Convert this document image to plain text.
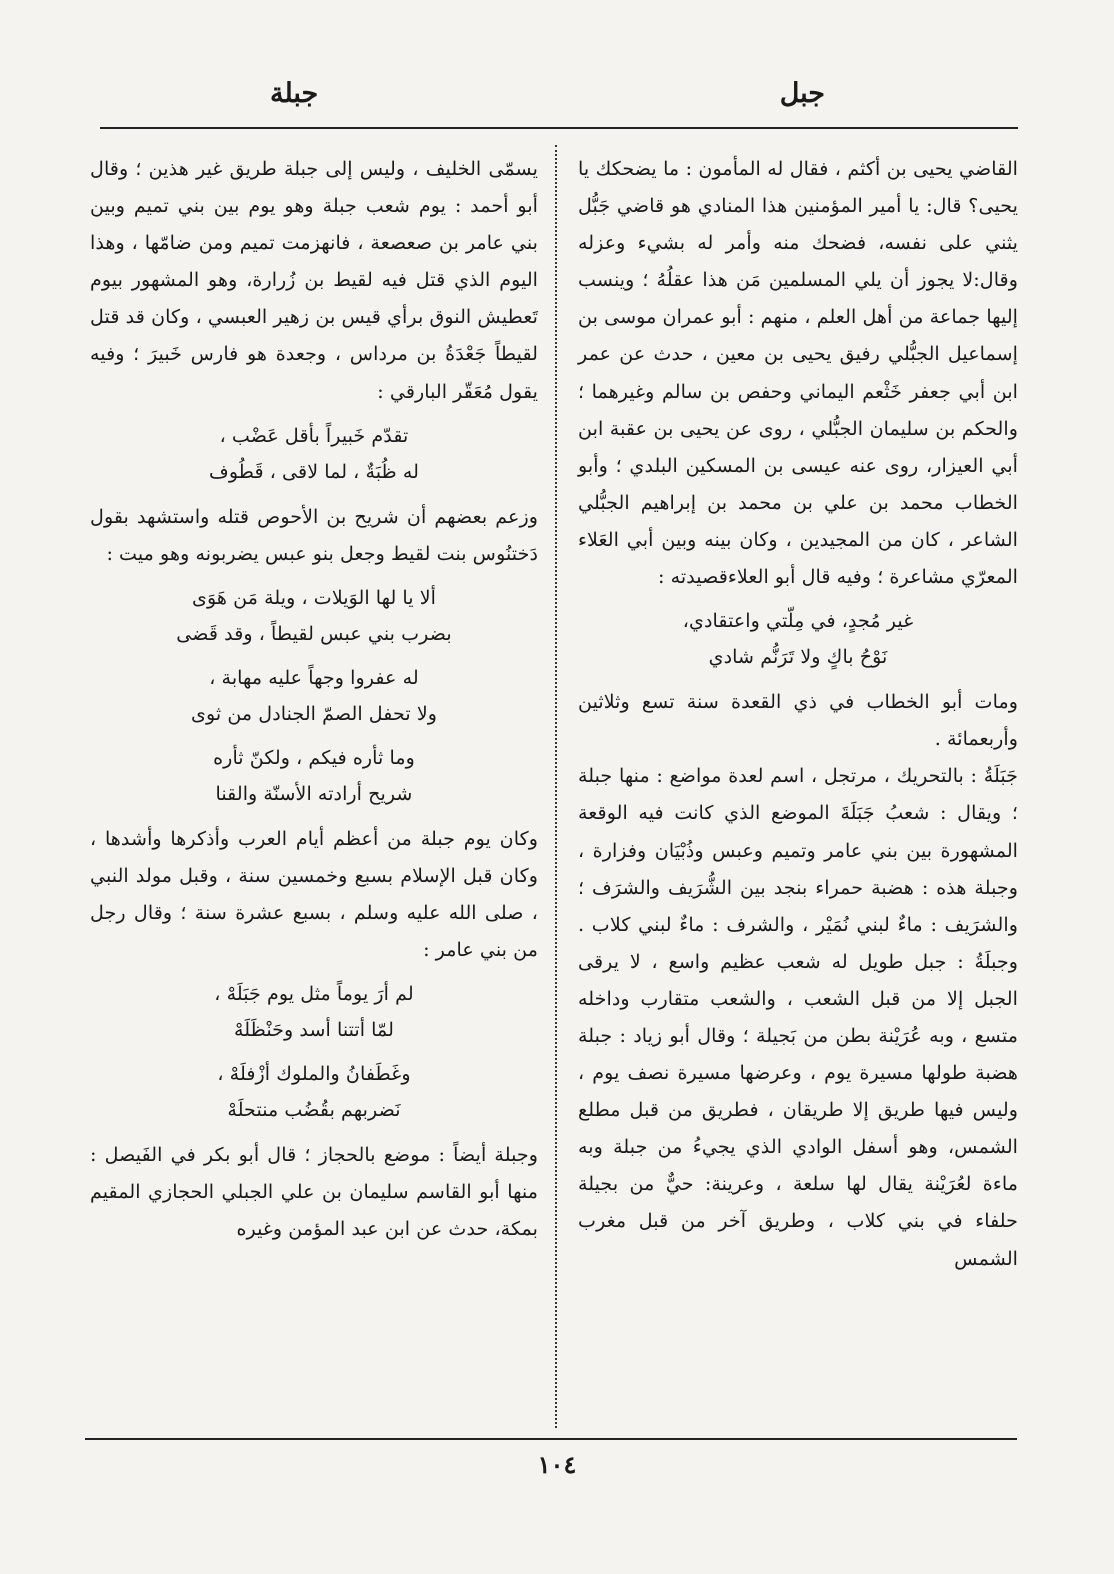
جبل
جبلة

القاضي يحيى بن أكثم ، فقال له المأمون : ما يضحكك يا يحيى؟ قال: يا أمير المؤمنين هذا المنادي هو قاضي جَبُّل يثني على نفسه، فضحك منه وأمر له بشيء وعزله وقال:لا يجوز أن يلي المسلمين مَن هذا عقلُهُ ؛ وينسب إليها جماعة من أهل العلم ، منهم : أبو عمران موسى بن إسماعيل الجبُّلي رفيق يحيى بن معين ، حدث عن عمر ابن أبي جعفر خَثْعم اليماني وحفص بن سالم وغيرهما ؛ والحكم بن سليمان الجبُّلي ، روى عن يحيى بن عقبة ابن أبي العيزار، روى عنه عيسى بن المسكين البلدي ؛ وأبو الخطاب محمد بن علي بن محمد بن إبراهيم الجبُّلي الشاعر ، كان من المجيدين ، وكان بينه وبين أبي العَلاء المعرّي مشاعرة ؛ وفيه قال أبو العلاءقصيدته :

غير مُجدٍ، في مِلّتي واعتقادي،

نَوْحُ باكٍ ولا تَرَنُّم شادي

ومات أبو الخطاب في ذي القعدة سنة تسع وثلاثين وأربعمائة .

جَبَلَةُ : بالتحريك ، مرتجل ، اسم لعدة مواضع : منها جبلة ؛ ويقال : شعبُ جَبَلَةَ الموضع الذي كانت فيه الوقعة المشهورة بين بني عامر وتميم وعبس وذُبْيَان وفزارة ، وجبلة هذه : هضبة حمراء بنجد بين الشُّرَيف والشرَف ؛ والشرَيف : ماءٌ لبني نُمَيْر ، والشرف : ماءٌ لبني كلاب . وجبلَةُ : جبل طويل له شعب عظيم واسع ، لا يرقى الجبل إلا من قبل الشعب ، والشعب متقارب وداخله متسع ، وبه عُرَيْنة بطن من بَجيلة ؛ وقال أبو زياد : جبلة هضبة طولها مسيرة يوم ، وعرضها مسيرة نصف يوم ، وليس فيها طريق إلا طريقان ، فطريق من قبل مطلع الشمس، وهو أسفل الوادي الذي يجيءُ من جبلة وبه ماءة لعُرَيْنة يقال لها سلعة ، وعرينة: حيٌّ من بجيلة حلفاء في بني كلاب ، وطريق آخر من قبل مغرب الشمس

يسمّى الخليف ، وليس إلى جبلة طريق غير هذين ؛ وقال أبو أحمد : يوم شعب جبلة وهو يوم بين بني تميم وبين بني عامر بن صعصعة ، فانهزمت تميم ومن ضامّها ، وهذا اليوم الذي قتل فيه لقيط بن زُرارة، وهو المشهور بيوم تَعطيش النوق برأي قيس بن زهير العبسي ، وكان قد قتل لقيطاً جَعْدَةُ بن مرداس ، وجعدة هو فارس خَبيرَ ؛ وفيه يقول مُعَقّر البارقي :

تقدّم خَبيراً بأقل عَضْب ،

له ظُبَةٌ ، لما لاقى ، قَطُوف

وزعم بعضهم أن شريح بن الأحوص قتله واستشهد بقول دَختنُوس بنت لقيط وجعل بنو عبس يضربونه وهو ميت :

ألا يا لها الوَيلات ، ويلة مَن هَوَى

بضرب بني عبس لقيطاً ، وقد قَضى

له عفروا وجهاً عليه مهابة ،

ولا تحفل الصمّ الجنادل من ثوى

وما ثأره فيكم ، ولكنّ ثأره

شريح أرادته الأسنّة والقنا

وكان يوم جبلة من أعظم أيام العرب وأذكرها وأشدها ، وكان قبل الإسلام بسبع وخمسين سنة ، وقبل مولد النبي ، صلى الله عليه وسلم ، بسبع عشرة سنة ؛ وقال رجل من بني عامر :

لم أرَ يوماً مثل يوم جَبَلَهْ ،

لمّا أتتنا أسد وحَنْظَلَهْ

وغَطَفانُ والملوك أزْفلَهْ ،

نَضربهم بقُضُب منتحلَهْ

وجبلة أيضاً : موضع بالحجاز ؛ قال أبو بكر في الفَيصل : منها أبو القاسم سليمان بن علي الجبلي الحجازي المقيم بمكة، حدث عن ابن عبد المؤمن وغيره

١٠٤
